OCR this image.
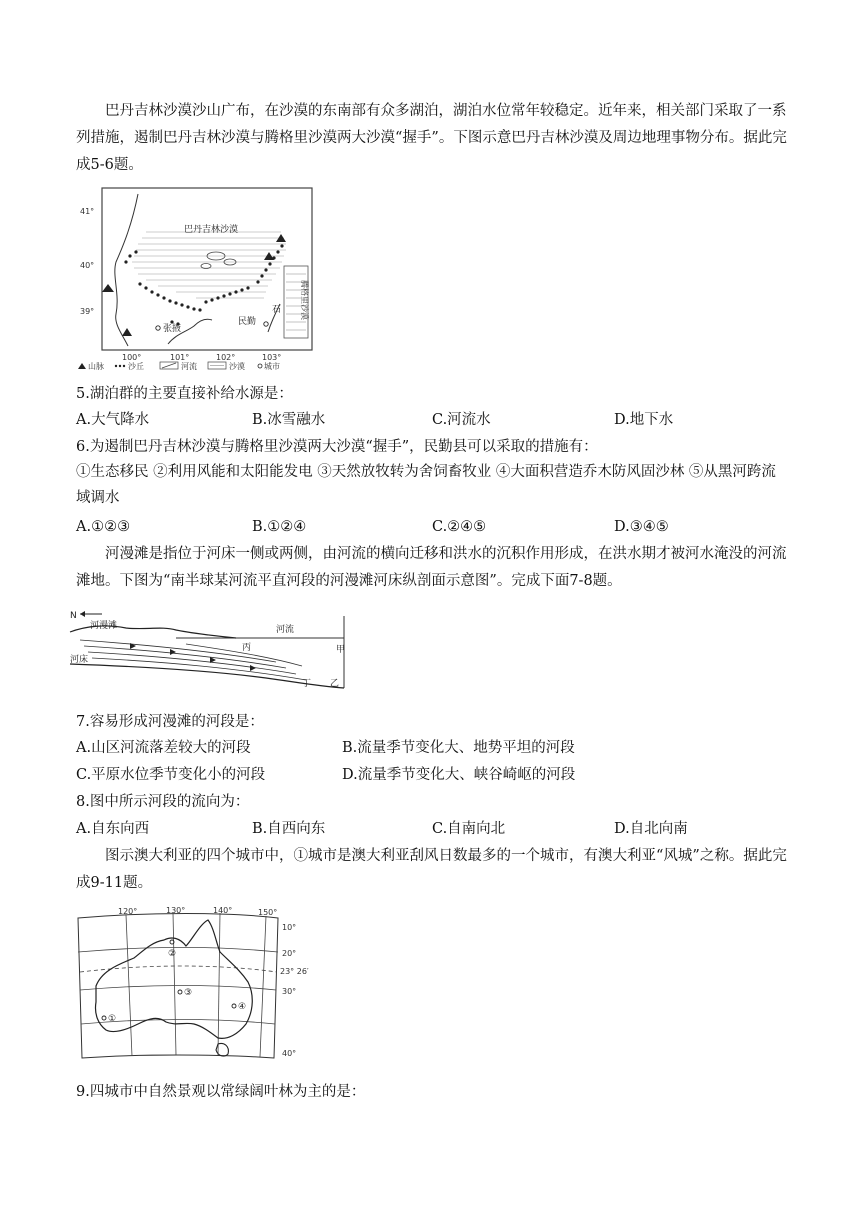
巴丹吉林沙漠沙山广布，在沙漠的东南部有众多湖泊，湖泊水位常年较稳定。近年来，相关部门采取了一系列措施，遏制巴丹吉林沙漠与腾格里沙漠两大沙漠“握手”。下图示意巴丹吉林沙漠及周边地理事物分布。据此完成5-6题。

石
张掖
民勤
巴丹吉林沙漠
腾格里沙漠
41°
40°
39°
100°	101°	102°	103°
山脉	沙丘	河流	沙漠 城市

5.湖泊群的主要直接补给水源是：

A.大气降水	B.冰雪融水	C.河流水	D.地下水

6.为遏制巴丹吉林沙漠与腾格里沙漠两大沙漠“握手”，民勤县可以采取的措施有：

①生态移民 ②利用风能和太阳能发电 ③天然放牧转为舍饲畜牧业 ④大面积营造乔木防风固沙林 ⑤从黑河跨流域调水

A.①②③	B.①②④	C.②④⑤	D.③④⑤

河漫滩是指位于河床一侧或两侧，由河流的横向迁移和洪水的沉积作用形成，在洪水期才被河水淹没的河流滩地。下图为“南半球某河流平直河段的河漫滩河床纵剖面示意图”。完成下面7-8题。

N
河漫滩
河床
河流
丙	甲
丁 乙

7.容易形成河漫滩的河段是：

A.山区河流落差较大的河段	B.流量季节变化大、地势平坦的河段
C.平原水位季节变化小的河段	D.流量季节变化大、峡谷崎岖的河段

8.图中所示河段的流向为：

A.自东向西	B.自西向东	C.自南向北	D.自北向南

图示澳大利亚的四个城市中，①城市是澳大利亚刮风日数最多的一个城市，有澳大利亚“风城”之称。据此完成9-11题。

①
②
③
④
120°	130°	140°	150°
10°
20°
23° 26′
30°
40°

9.四城市中自然景观以常绿阔叶林为主的是：
